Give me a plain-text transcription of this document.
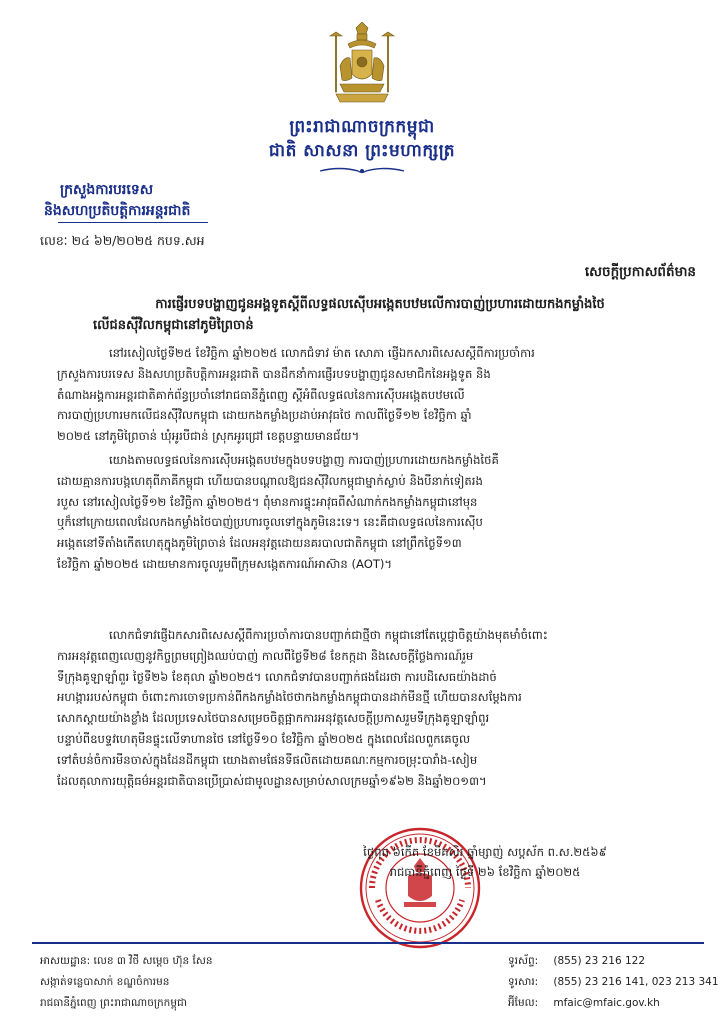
ព្រះរាជាណាចក្រកម្ពុជា
ជាតិ សាសនា ព្រះមហាក្សត្រ
ក្រសួងការបរទេស
និងសហប្រតិបត្តិការអន្តរជាតិ
លេខៈ ២៤ ៦២/២០២៥ កបទ.សអ
សេចក្តីប្រកាសព័ត៌មាន
ការផ្ញើរបទបង្ហាញជូនអង្គទូតស្តីពីលទ្ធផលស៊ើបអង្កេតបឋមលើការបាញ់ប្រហារដោយកងកម្លាំងថៃ
លើជនស៊ីវិលកម្ពុជានៅភូមិព្រៃចាន់
នៅរសៀលថ្ងៃទី២៥ ខែវិច្ឆិកា ឆ្នាំ២០២៥ លោកជំទាវ ម៉ាត សោភា ផ្ញើឯកសារពិសេសស្តីពីការប្រចាំការ
ក្រសួងការបរទេស និងសហប្រតិបត្តិការអន្តរជាតិ បានដឹកនាំការផ្ញើរបទបង្ហាញជូនសមាជិកនៃអង្គទូត និង
តំណាងអង្គការអន្តរជាតិគាក់ព័ន្ធប្រចាំនៅរាជធានីភ្នំពេញ ស្តីអំពីលទ្ធផលនៃការស៊ើបអង្កេតបឋមលើ
ការបាញ់ប្រហារមកលើជនស៊ីវិលកម្ពុជា ដោយកងកម្លាំងប្រដាប់អាវុធថៃ កាលពីថ្ងៃទី១២ ខែវិច្ឆិកា ឆ្នាំ
២០២៥ នៅភូមិព្រៃចាន់ ឃុំអូរបីជាន់ ស្រុកអូរជ្រៅ ខេត្តបន្ទាយមានជ័យ។
យោងតាមលទ្ធផលនៃការស៊ើបអង្កេតបឋមក្នុងបទបង្ហាញ ការបាញ់ប្រហារដោយកងកម្លាំងថៃគឺ
ដោយគ្មានការបង្កហេតុពីភាគីកម្ពុជា ហើយបានបណ្តាលឱ្យជនស៊ីវិលកម្ពុជាម្នាក់ស្លាប់ និងបីនាក់ទៀតរង
របួស នៅរសៀលថ្ងៃទី១២ ខែវិច្ឆិកា ឆ្នាំ២០២៥។ ពុំមានការផ្ទុះអាវុធពីសំណាក់កងកម្លាំងកម្ពុជានៅមុន
ឬក៏នៅក្រោយពេលដែលកងកម្លាំងថៃបាញ់ប្រហារចូលទៅក្នុងភូមិនេះទេ។ នេះគឺជាលទ្ធផលនៃការស៊ើប
អង្កេតនៅទីតាំងកើតហេតុក្នុងភូមិព្រៃចាន់ ដែលអនុវត្តដោយនគរបាលជាតិកម្ពុជា នៅព្រឹកថ្ងៃទី១៣
ខែវិច្ឆិកា ឆ្នាំ២០២៥ ដោយមានការចូលរួមពីក្រុមសង្កេតការណ៍អាស៊ាន (AOT)។
លោកជំទាវផ្ញើឯកសារពិសេសស្តីពីការប្រចាំការបានបញ្ជាក់ជាថ្មីថា កម្ពុជានៅតែប្តេជ្ញាចិត្តយ៉ាងមុតមាំចំពោះ
ការអនុវត្តពេញលេញនូវកិច្ចព្រមព្រៀងឈប់បាញ់ កាលពីថ្ងៃទី២៨ ខែកក្កដា និងសេចក្តីថ្លែងការណ៍រួម
ទីក្រុងគូឡាឡាំពួរ ថ្ងៃទី២៦ ខែតុលា ឆ្នាំ២០២៥។ លោកជំទាវបានបញ្ជាក់ផងដែរថា ការបដិសេធយ៉ាងដាច់
អហង្ការរបស់កម្ពុជា ចំពោះការចោទប្រកាន់ពីកងកម្លាំងថៃថាកងកម្លាំងកម្ពុជាបានដាក់មីនថ្មី ហើយបានសម្តែងការ
សោកស្តាយយ៉ាងខ្លាំង ដែលប្រទេសថៃបានសម្រេចចិត្តផ្អាកការអនុវត្តសេចក្តីប្រកាសរួមទីក្រុងគូឡាឡាំពួរ
បន្ទាប់ពីឧបទ្ទវហេតុមីនផ្ទុះលើទាហានថៃ នៅថ្ងៃទី១០ ខែវិច្ឆិកា ឆ្នាំ២០២៥ ក្នុងពេលដែលពួកគេចូល
ទៅតំបន់ចំការមីនចាស់ក្នុងដែនដីកម្ពុជា យោងតាមផែនទីផលិតដោយគណៈកម្មការចម្រុះបារាំង-សៀម
ដែលតុលាការយុត្តិធម៌អន្តរជាតិបានប្រើប្រាស់ជាមូលដ្ឋានសម្រាប់សាលក្រមឆ្នាំ១៩៦២ និងឆ្នាំ២០១៣។
ថ្ងៃពុធ ៦កើត ខែមិគសិរ ឆ្នាំម្សាញ់ សប្តស័ក ព.ស.២៥៦៩
រាជធានីភ្នំពេញ ថ្ងៃទី ២៦ ខែវិច្ឆិកា ឆ្នាំ២០២៥
អាសយដ្ឋាន: លេខ ៣ វិថី សម្តេច ហ៊ុន សែន
សង្កាត់ទន្លេបាសាក់ ខណ្ឌចំការមន
រាជធានីភ្នំពេញ ព្រះរាជាណាចក្រកម្ពុជា
ទូរស័ព្ទ: (855) 23 216 122
ទូរសារ: (855) 23 216 141, 023 213 341
អ៊ីមែល: mfaic@mfaic.gov.kh
